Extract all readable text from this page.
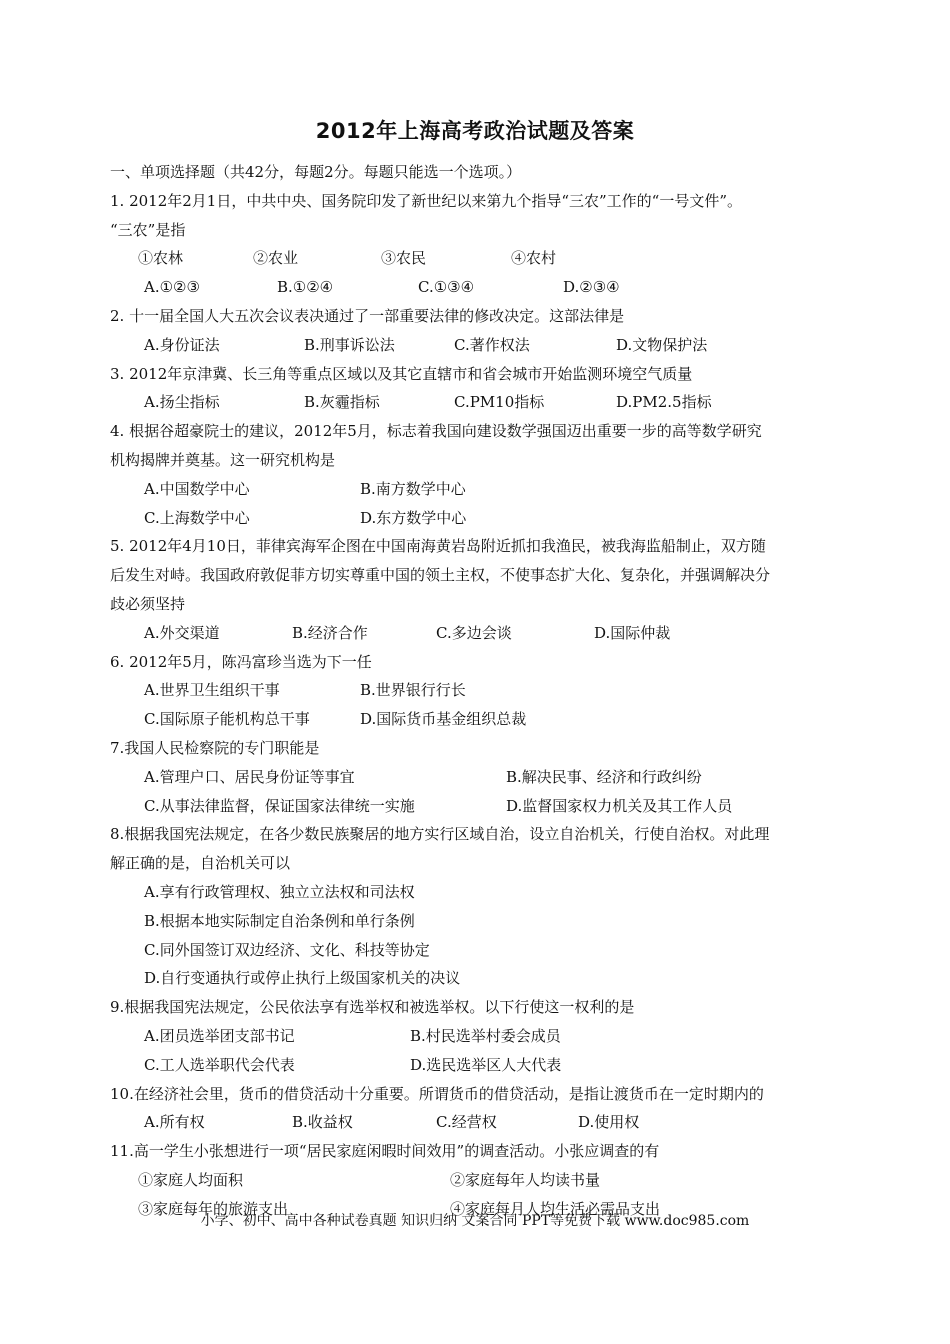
2012年上海高考政治试题及答案
一、单项选择题（共42分，每题2分。每题只能选一个选项。）
1. 2012年2月1日，中共中央、国务院印发了新世纪以来第九个指导“三农”工作的“一号文件”。
“三农”是指
①农林	②农业	③农民	④农村
A.①②③	B.①②④	C.①③④	D.②③④
2. 十一届全国人大五次会议表决通过了一部重要法律的修改决定。这部法律是
A.身份证法	B.刑事诉讼法	C.著作权法	D.文物保护法
3. 2012年京津冀、长三角等重点区域以及其它直辖市和省会城市开始监测环境空气质量
A.扬尘指标	B.灰霾指标	C.PM10指标	D.PM2.5指标
4. 根据谷超豪院士的建议，2012年5月，标志着我国向建设数学强国迈出重要一步的高等数学研究
机构揭牌并奠基。这一研究机构是
A.中国数学中心	B.南方数学中心
C.上海数学中心	D.东方数学中心
5. 2012年4月10日，菲律宾海军企图在中国南海黄岩岛附近抓扣我渔民，被我海监船制止，双方随
后发生对峙。我国政府敦促菲方切实尊重中国的领土主权，不使事态扩大化、复杂化，并强调解决分
歧必须坚持
A.外交渠道	B.经济合作	C.多边会谈	D.国际仲裁
6. 2012年5月，陈冯富珍当选为下一任
A.世界卫生组织干事	B.世界银行行长
C.国际原子能机构总干事	D.国际货币基金组织总裁
7.我国人民检察院的专门职能是
A.管理户口、居民身份证等事宜	B.解决民事、经济和行政纠纷
C.从事法律监督，保证国家法律统一实施	D.监督国家权力机关及其工作人员
8.根据我国宪法规定，在各少数民族聚居的地方实行区域自治，设立自治机关，行使自治权。对此理
解正确的是，自治机关可以
A.享有行政管理权、独立立法权和司法权
B.根据本地实际制定自治条例和单行条例
C.同外国签订双边经济、文化、科技等协定
D.自行变通执行或停止执行上级国家机关的决议
9.根据我国宪法规定，公民依法享有选举权和被选举权。以下行使这一权利的是
A.团员选举团支部书记	B.村民选举村委会成员
C.工人选举职代会代表	D.选民选举区人大代表
10.在经济社会里，货币的借贷活动十分重要。所谓货币的借贷活动，是指让渡货币在一定时期内的
A.所有权	B.收益权	C.经营权	D.使用权
11.高一学生小张想进行一项“居民家庭闲暇时间效用”的调查活动。小张应调查的有
①家庭人均面积	②家庭每年人均读书量
③家庭每年的旅游支出	④家庭每月人均生活必需品支出
小学、初中、高中各种试卷真题 知识归纳 文案合同 PPT等免费下载 www.doc985.com
